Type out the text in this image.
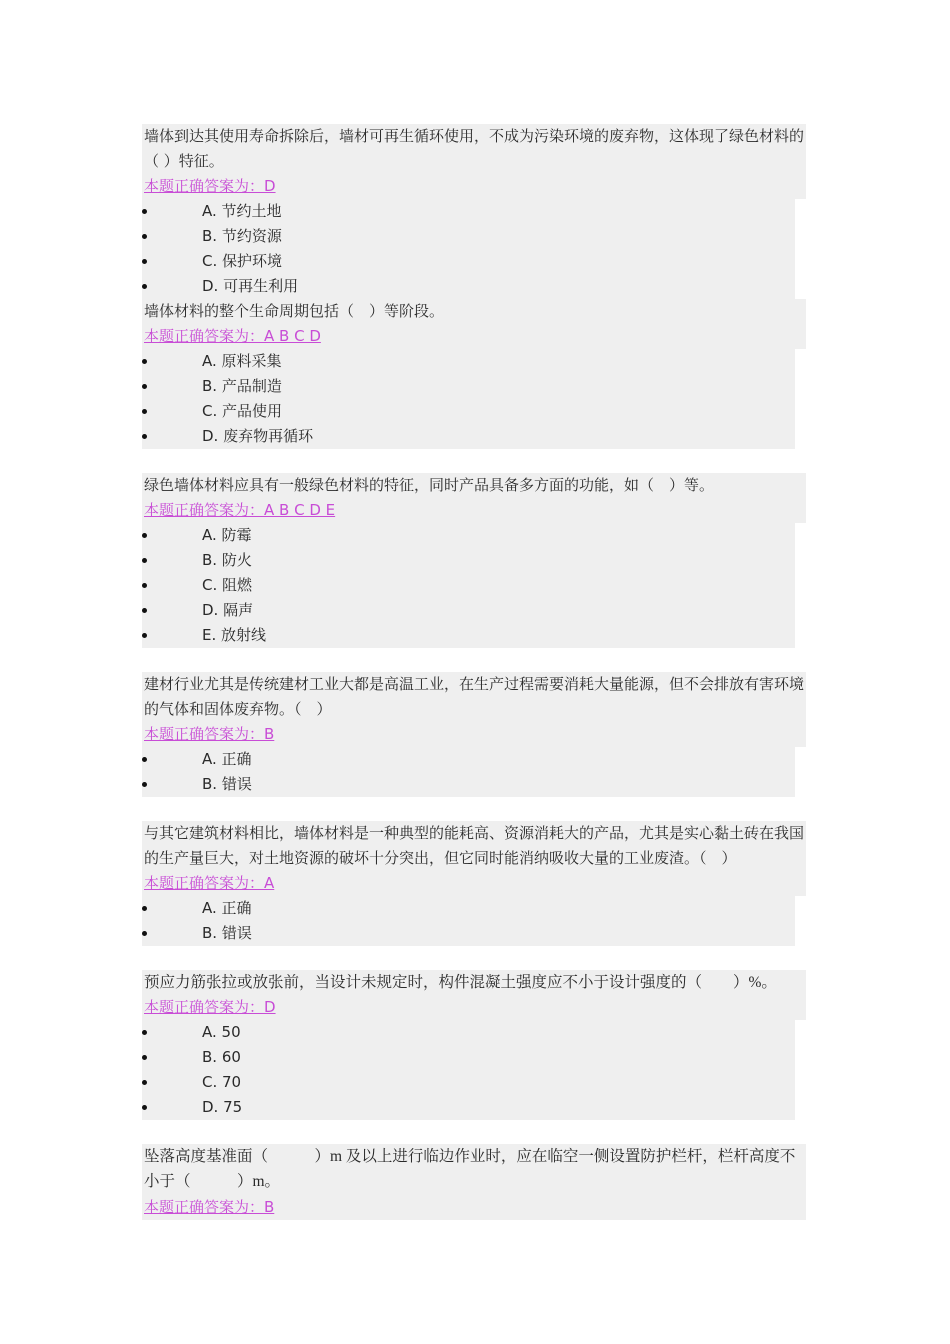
墙体到达其使用寿命拆除后，墙材可再生循环使用，不成为污染环境的废弃物，这体现了绿色材料的（ ）特征。
本题正确答案为：D
A. 节约土地
B. 节约资源
C. 保护环境
D. 可再生利用
墙体材料的整个生命周期包括（　）等阶段。
本题正确答案为：A B C D
A. 原料采集
B. 产品制造
C. 产品使用
D. 废弃物再循环
绿色墙体材料应具有一般绿色材料的特征，同时产品具备多方面的功能，如（　）等。
本题正确答案为：A B C D E
A. 防霉
B. 防火
C. 阻燃
D. 隔声
E. 放射线
建材行业尤其是传统建材工业大都是高温工业，在生产过程需要消耗大量能源，但不会排放有害环境的气体和固体废弃物。（　）
本题正确答案为：B
A. 正确
B. 错误
与其它建筑材料相比，墙体材料是一种典型的能耗高、资源消耗大的产品，尤其是实心黏土砖在我国的生产量巨大，对土地资源的破坏十分突出，但它同时能消纳吸收大量的工业废渣。（　）
本题正确答案为：A
A. 正确
B. 错误
预应力筋张拉或放张前，当设计未规定时，构件混凝土强度应不小于设计强度的（　　）%。
本题正确答案为：D
A. 50
B. 60
C. 70
D. 75
坠落高度基准面（　　　）m 及以上进行临边作业时，应在临空一侧设置防护栏杆，栏杆高度不小于（　　　）m。
本题正确答案为：B
